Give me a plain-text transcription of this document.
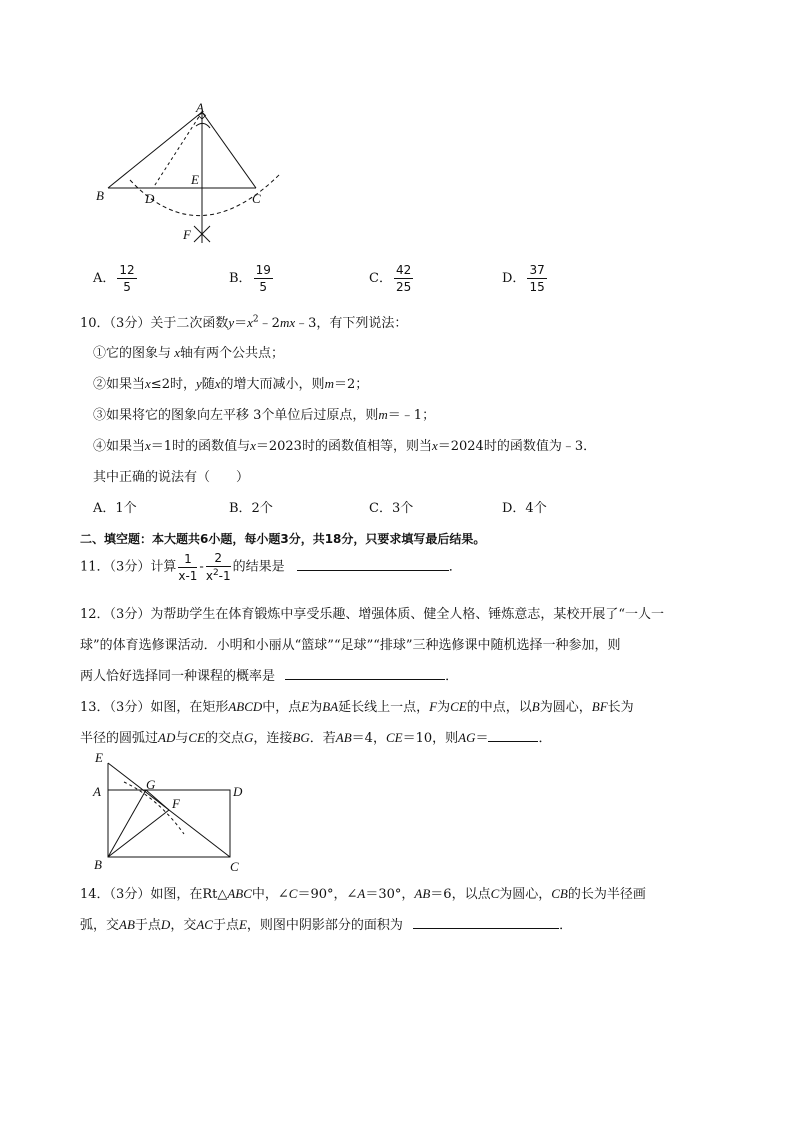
A
B	D
E
C
F
A． $\frac{12}{5}$	B． $\frac{19}{5}$	C． $\frac{42}{25}$	D． $\frac{37}{15}$
10．（3分）关于二次函数$y=x^2﹣2mx﹣3$，有下列说法：
①它的图象与 x轴有两个公共点；
②如果当x≤2时，y随x的增大而减小，则m＝2；
③如果将它的图象向左平移 3个单位后过原点，则m＝﹣1；
④如果当x＝1时的函数值与x＝2023时的函数值相等，则当x＝2024时的函数值为﹣3．
其中正确的说法有（　　）
A．1个	B．2个	C．3个	D．4个
二、填空题：本大题共6小题，每小题3分，共18分，只要求填写最后结果。
11．（3分）计算 $\frac{1}{x-1} - \frac{2}{x^2-1}$ 的结果是	．
12．（3分）为帮助学生在体育锻炼中享受乐趣、增强体质、健全人格、锤炼意志，某校开展了“一人一
球”的体育选修课活动．小明和小丽从“篮球”“足球”“排球”三种选修课中随机选择一种参加，则
两人恰好选择同一种课程的概率是	．
13．（3分）如图，在矩形ABCD中，点E为BA延长线上一点，F为CE的中点，以B为圆心，BF长为
半径的圆弧过AD与CE的交点G，连接BG．若AB＝4，CE＝10，则AG＝	．
E
G
A	D
F
B	C
14．（3分）如图，在Rt△ABC中，∠C＝90°，∠A＝30°，AB＝6，以点C为圆心，CB的长为半径画
弧，交AB于点D，交AC于点E，则图中阴影部分的面积为	．
